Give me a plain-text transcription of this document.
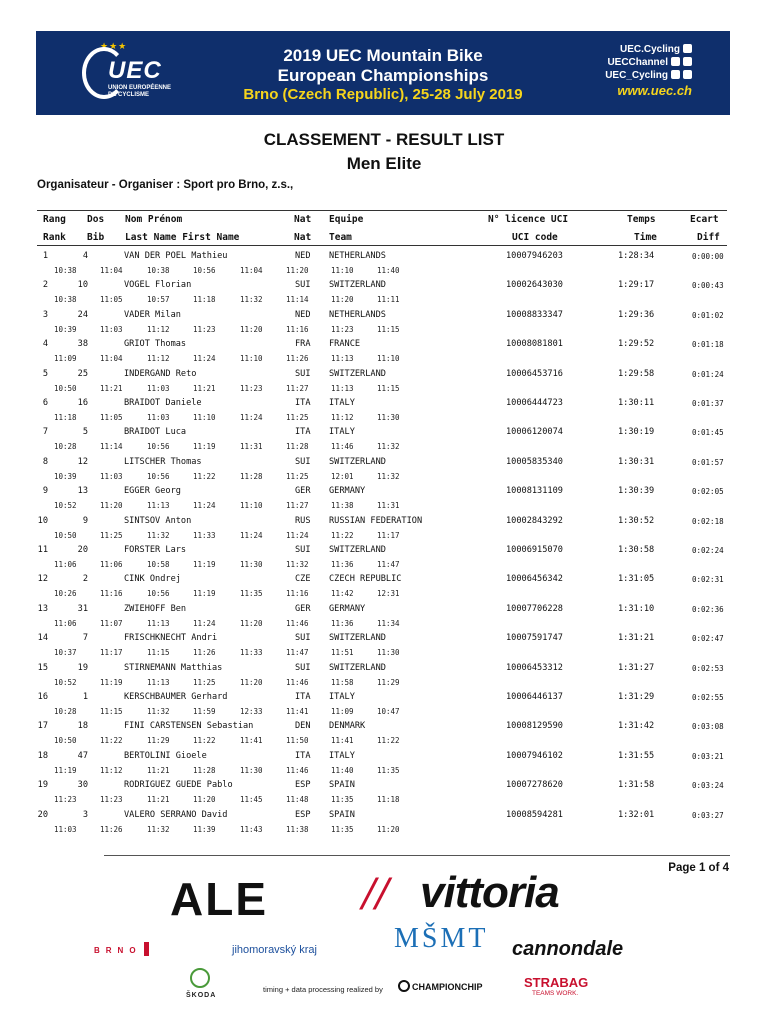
★★★
UEC
UNION EUROPÉENNE DE CYCLISME
2019 UEC Mountain Bike
European Championships
Brno (Czech Republic), 25-28 July 2019
UEC.Cycling
UECChannel
UEC_Cycling
www.uec.ch
CLASSEMENT - RESULT LIST
Men Elite
Organisateur - Organiser : Sport pro Brno, z.s.,
Rang Dos Nom Prénom	Nat Equipe	N° licence UCI	Temps	Ecart
Rank Bib Last Name First Name	Nat Team	UCI code	Time	Diff
1	4	VAN DER POEL Mathieu	NED NETHERLANDS	10007946203	1:28:34	0:00:00
10:38	11:04	10:38	10:56	11:04	11:20	11:10	11:40
2	10	VOGEL Florian	SUI SWITZERLAND	10002643030	1:29:17	0:00:43
10:38	11:05	10:57	11:18	11:32	11:14	11:20	11:11
3	24	VADER Milan	NED NETHERLANDS	10008833347	1:29:36	0:01:02
10:39	11:03	11:12	11:23	11:20	11:16	11:23	11:15
4	38	GRIOT Thomas	FRA FRANCE	10008081801	1:29:52	0:01:18
11:09	11:04	11:12	11:24	11:10	11:26	11:13	11:10
5	25	INDERGAND Reto	SUI SWITZERLAND	10006453716	1:29:58	0:01:24
10:50	11:21	11:03	11:21	11:23	11:27	11:13	11:15
6	16	BRAIDOT Daniele	ITA ITALY	10006444723	1:30:11	0:01:37
11:18	11:05	11:03	11:10	11:24	11:25	11:12	11:30
7	5	BRAIDOT Luca	ITA ITALY	10006120074	1:30:19	0:01:45
10:28	11:14	10:56	11:19	11:31	11:28	11:46	11:32
8	12	LITSCHER Thomas	SUI SWITZERLAND	10005835340	1:30:31	0:01:57
10:39	11:03	10:56	11:22	11:28	11:25	12:01	11:32
9	13	EGGER Georg	GER GERMANY	10008131109	1:30:39	0:02:05
10:52	11:20	11:13	11:24	11:10	11:27	11:38	11:31
10	9	SINTSOV Anton	RUS RUSSIAN FEDERATION	10002843292	1:30:52	0:02:18
10:50	11:25	11:32	11:33	11:24	11:24	11:22	11:17
11	20	FORSTER Lars	SUI SWITZERLAND	10006915070	1:30:58	0:02:24
11:06	11:06	10:58	11:19	11:30	11:32	11:36	11:47
12	2	CINK Ondrej	CZE CZECH REPUBLIC	10006456342	1:31:05	0:02:31
10:26	11:16	10:56	11:19	11:35	11:16	11:42	12:31
13	31	ZWIEHOFF Ben	GER GERMANY	10007706228	1:31:10	0:02:36
11:06	11:07	11:13	11:24	11:20	11:46	11:36	11:34
14	7	FRISCHKNECHT Andri	SUI SWITZERLAND	10007591747	1:31:21	0:02:47
10:37	11:17	11:15	11:26	11:33	11:47	11:51	11:30
15	19	STIRNEMANN Matthias	SUI SWITZERLAND	10006453312	1:31:27	0:02:53
10:52	11:19	11:13	11:25	11:20	11:46	11:58	11:29
16	1	KERSCHBAUMER Gerhard	ITA ITALY	10006446137	1:31:29	0:02:55
10:28	11:15	11:32	11:59	12:33	11:41	11:09	10:47
17	18	FINI CARSTENSEN Sebastian	DEN DENMARK	10008129590	1:31:42	0:03:08
10:50	11:22	11:29	11:22	11:41	11:50	11:41	11:22
18	47	BERTOLINI Gioele	ITA ITALY	10007946102	1:31:55	0:03:21
11:19	11:12	11:21	11:28	11:30	11:46	11:40	11:35
19	30	RODRIGUEZ GUEDE Pablo	ESP SPAIN	10007278620	1:31:58	0:03:24
11:23	11:23	11:21	11:20	11:45	11:48	11:35	11:18
20	3	VALERO SERRANO David	ESP SPAIN	10008594281	1:32:01	0:03:27
11:03	11:26	11:32	11:39	11:43	11:38	11:35	11:20
Page 1 of 4
ALE // vittoria
BRNO	jihomoravský kraj	MŠMT cannondale
ŠKODA
timing + data processing realized by	CHAMPIONCHIP	STRABAG
TEAMS WORK.
